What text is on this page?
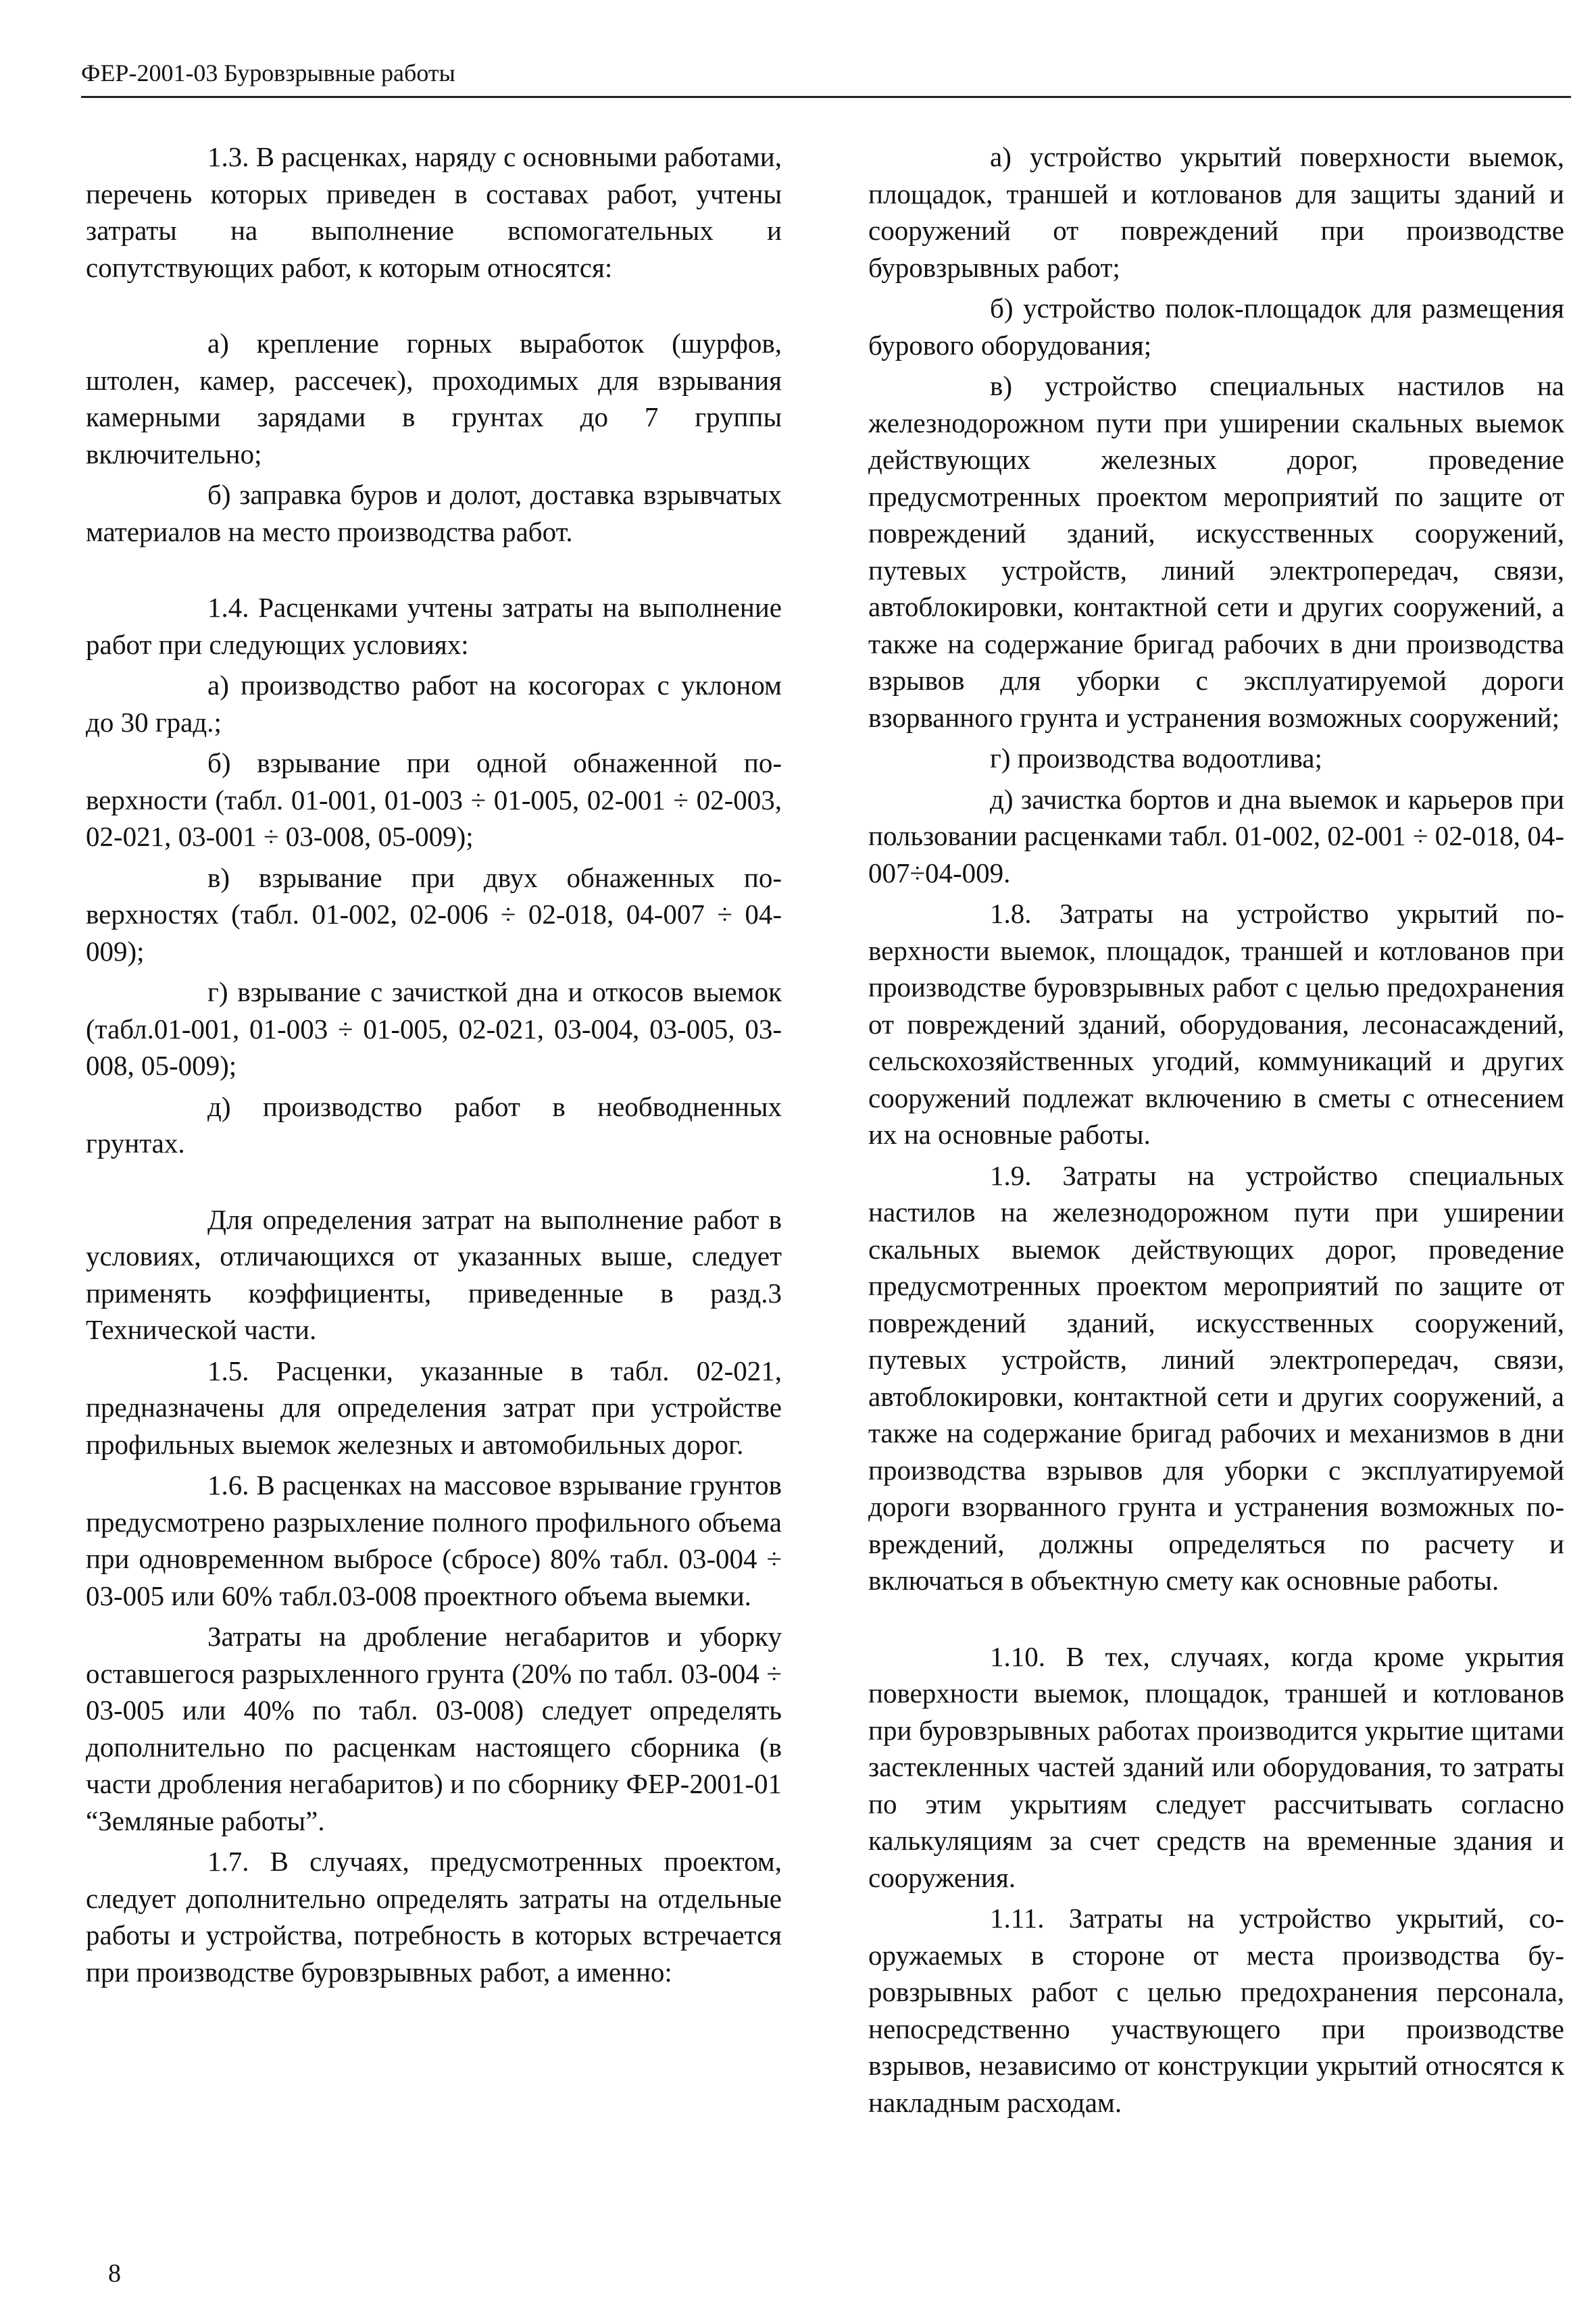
ФЕР-2001-03 Буровзрывные работы

1.3. В расценках, наряду с основными работами, перечень которых приведен в составах работ, учтены затраты на выполнение вспомогательных и сопутствующих работ, к которым относятся:

а) крепление горных выработок (шурфов, штолен, камер, рассечек), проходимых для взрывания камерными зарядами в грунтах до 7 группы включительно;

б) заправка буров и долот, доставка взрывчатых материалов на место производства работ.

1.4. Расценками учтены затраты на выполнение работ при следующих условиях:

а) производство работ на косогорах с уклоном до 30 град.;

б) взрывание при одной обнаженной поверхности (табл. 01-001, 01-003 ÷ 01-005, 02-001 ÷ 02-003, 02-021, 03-001 ÷ 03-008, 05-009);

в) взрывание при двух обнаженных поверхностях (табл. 01-002, 02-006 ÷ 02-018, 04-007 ÷ 04-009);

г) взрывание с зачисткой дна и откосов выемок (табл.01-001, 01-003 ÷ 01-005, 02-021, 03-004, 03-005, 03-008, 05-009);

д) производство работ в необводненных грунтах.

Для определения затрат на выполнение работ в условиях, отличающихся от указанных выше, следует применять коэффициенты, приведенные в разд.3 Технической части.

1.5. Расценки, указанные в табл. 02-021, предназначены для определения затрат при устройстве профильных выемок железных и автомобильных дорог.

1.6. В расценках на массовое взрывание грунтов предусмотрено разрыхление полного профильного объема при одновременном выбросе (сбросе) 80% табл. 03-004 ÷ 03-005 или 60% табл.03-008 проектного объема выемки.

Затраты на дробление негабаритов и уборку оставшегося разрыхленного грунта (20% по табл. 03-004 ÷ 03-005 или 40% по табл. 03-008) следует определять дополнительно по расценкам настоящего сборника (в части дробления негабаритов) и по сборнику ФЕР-2001-01 “Земляные работы”.

1.7. В случаях, предусмотренных проектом, следует дополнительно определять затраты на отдельные работы и устройства, потребность в которых встречается при производстве буровзрывных работ, а именно:

а) устройство укрытий поверхности выемок, площадок, траншей и котлованов для защиты зданий и сооружений от повреждений при производстве буровзрывных работ;

б) устройство полок-площадок для размещения бурового оборудования;

в) устройство специальных настилов на железнодорожном пути при уширении скальных выемок действующих железных дорог, проведение предусмотренных проектом мероприятий по защите от повреждений зданий, искусственных сооружений, путевых устройств, линий электропередач, связи, автоблокировки, контактной сети и других сооружений, а также на содержание бригад рабочих в дни производства взрывов для уборки с эксплуатируемой дороги взорванного грунта и устранения возможных сооружений;

г) производства водоотлива;

д) зачистка бортов и дна выемок и карьеров при пользовании расценками табл. 01-002, 02-001 ÷ 02-018, 04-007÷04-009.

1.8. Затраты на устройство укрытий поверхности выемок, площадок, траншей и котлованов при производстве буровзрывных работ с целью предохранения от повреждений зданий, оборудования, лесонасаждений, сельскохозяйственных угодий, коммуникаций и других сооружений подлежат включению в сметы с отнесением их на основные работы.

1.9. Затраты на устройство специальных настилов на железнодорожном пути при уширeнии скальных выемок действующих дорог, проведение предусмотренных проектом мероприятий по защите от повреждений зданий, искусственных сооружений, путевых устройств, линий электропередач, связи, автоблокировки, контактной сети и других сооружений, а также на содержание бригад рабочих и механизмов в дни производства взрывов для уборки с эксплуатируемой дороги взорванного грунта и устранения возможных повреждений, должны определяться по расчету и включаться в объектную смету как основные работы.

1.10. В тех, случаях, когда кроме укрытия поверхности выемок, площадок, траншей и котлованов при буровзрывных работах производится укрытие щитами застекленных частей зданий или оборудования, то затраты по этим укрытиям следует рассчитывать согласно калькуляциям за счет средств на временные здания и сооружения.

1.11. Затраты на устройство укрытий, сооружаемых в стороне от места производства буровзрывных работ с целью предохранения персонала, непосредственно участвующего при производстве взрывов, независимо от конструкции укрытий относятся к накладным расходам.

8
